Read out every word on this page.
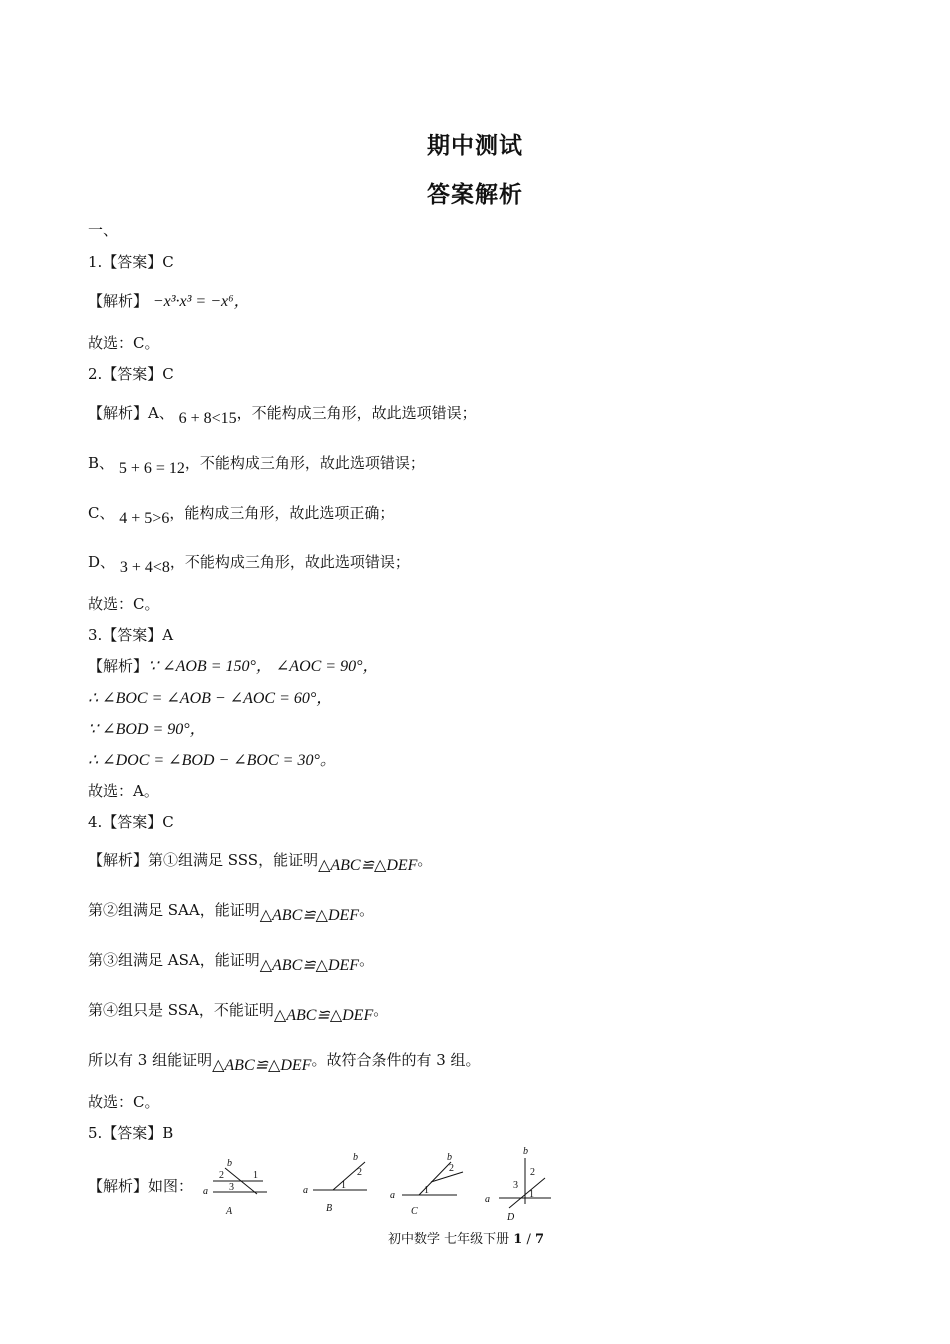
期中测试
答案解析
一、
1.【答案】C
【解析】 −x³·x³ = −x⁶，
故选：C。
2.【答案】C
【解析】A、 6 + 8<15，不能构成三角形，故此选项错误；
B、 5 + 6 = 12，不能构成三角形，故此选项错误；
C、 4 + 5>6，能构成三角形，故此选项正确；
D、 3 + 4<8，不能构成三角形，故此选项错误；
故选：C。
3.【答案】A
【解析】∵ ∠AOB = 150°， ∠AOC = 90°，
∴ ∠BOC = ∠AOB − ∠AOC = 60°，
∵ ∠BOD = 90°，
∴ ∠DOC = ∠BOD − ∠BOC = 30°。
故选：A。
4.【答案】C
【解析】第①组满足 SSS，能证明△ABC≌△DEF。
第②组满足 SAA，能证明△ABC≌△DEF。
第③组满足 ASA，能证明△ABC≌△DEF。
第④组只是 SSA，不能证明△ABC≌△DEF。
所以有 3 组能证明△ABC≌△DEF。故符合条件的有 3 组。
故选：C。
5.【答案】B
【解析】如图：
b
a
A
a
b
B
a
b
C
a
b
D
2	1
3	1
2
1
2
1
2
3
初中数学 七年级下册 1 / 7
